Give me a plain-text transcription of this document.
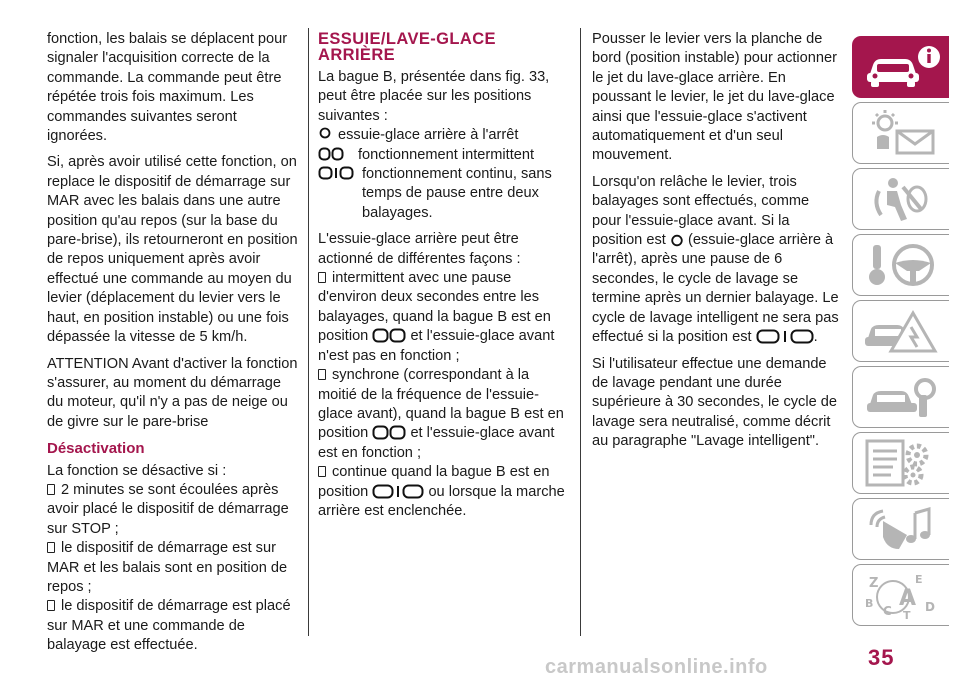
fonction, les balais se déplacent pour signaler l'acquisition correcte de la commande. La commande peut être répétée trois fois maximum. Les commandes suivantes seront ignorées.

Si, après avoir utilisé cette fonction, on replace le dispositif de démarrage sur MAR avec les balais dans une autre position qu'au repos (sur la base du pare-brise), ils retourneront en position de repos uniquement après avoir effectué une commande au moyen du levier (déplacement du levier vers le haut, en position instable) ou une fois dépassée la vitesse de 5 km/h.

ATTENTION Avant d'activer la fonction s'assurer, au moment du démarrage du moteur, qu'il n'y a pas de neige ou de givre sur le pare-brise

Désactivation

La fonction se désactive si :

2 minutes se sont écoulées après avoir placé le dispositif de démarrage sur STOP ;
le dispositif de démarrage est sur MAR et les balais sont en position de repos ;
le dispositif de démarrage est placé sur MAR et une commande de balayage est effectuée.
ESSUIE/LAVE-GLACE
ARRIÈRE

La bague B, présentée dans fig. 33, peut être placée sur les positions suivantes :

essuie-glace arrière à l'arrêt
fonctionnement intermittent
fonctionnement continu, sans temps de pause entre deux balayages.

L'essuie-glace arrière peut être actionné de différentes façons :

intermittent avec une pause d'environ deux secondes entre les balayages, quand la bague B est en position	et l'essuie-glace avant n'est pas en fonction ;
synchrone (correspondant à la moitié de la fréquence de l'essuie-glace avant), quand la bague B est en position	et l'essuie-glace avant est en fonction ;
continue quand la bague B est en position	ou lorsque la marche arrière est enclenchée.

Pousser le levier vers la planche de bord (position instable) pour actionner le jet du lave-glace arrière. En poussant le levier, le jet du lave-glace ainsi que l'essuie-glace s'activent automatiquement et d'un seul mouvement.

Lorsqu'on relâche le levier, trois balayages sont effectués, comme pour l'essuie-glace avant. Si la position est (essuie-glace arrière à l'arrêt), après une pause de 6 secondes, le cycle de lavage se termine après un dernier balayage. Le cycle de lavage intelligent ne sera pas effectué si la position est	.

Si l'utilisateur effectue une demande de lavage pendant une durée supérieure à 30 secondes, le cycle de lavage sera neutralisé, comme décrit au paragraphe "Lavage intelligent".

Z	E
B A
C	D
T
35
carmanualsonline.info
